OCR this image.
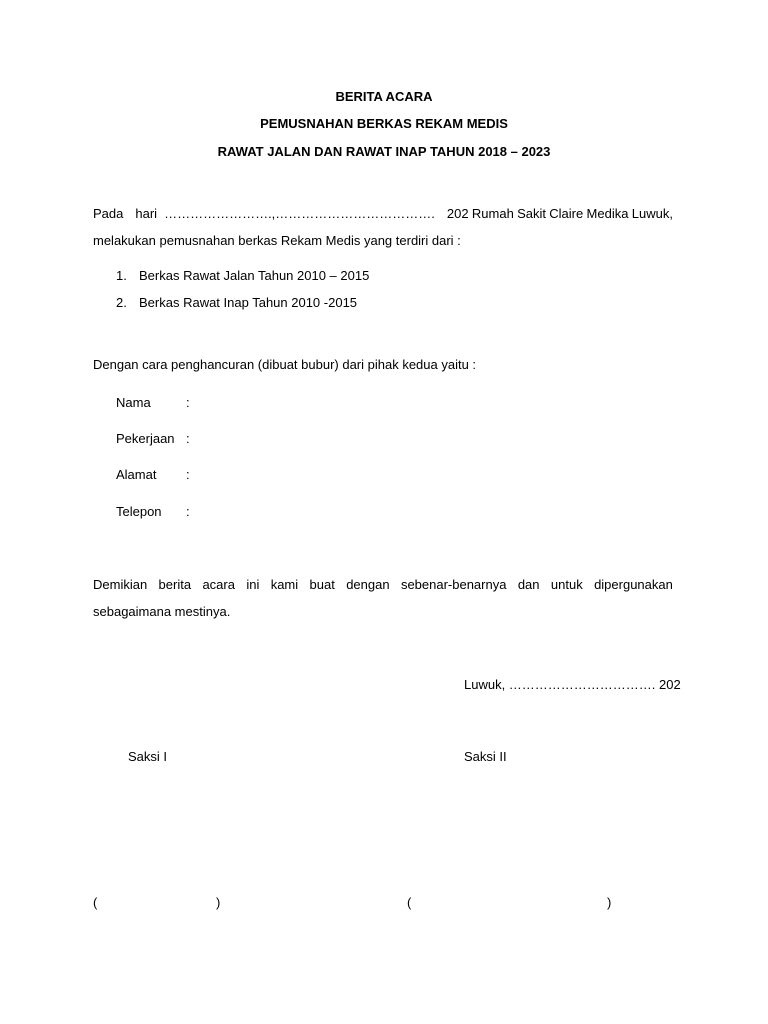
BERITA ACARA
PEMUSNAHAN BERKAS REKAM MEDIS
RAWAT JALAN DAN RAWAT INAP TAHUN 2018 – 2023
Pada hari …………………….,………………………………. 202 Rumah Sakit Claire Medika Luwuk,
melakukan pemusnahan berkas Rekam Medis yang terdiri dari :
1. Berkas Rawat Jalan Tahun 2010 – 2015
2. Berkas Rawat Inap Tahun 2010 -2015
Dengan cara penghancuran (dibuat bubur) dari pihak kedua yaitu :
Nama	:
Pekerjaan :
Alamat :
Telepon :
Demikian berita acara ini kami buat dengan sebenar-benarnya dan untuk dipergunakan
sebagaimana mestinya.
Luwuk, ……………………………. 202
Saksi I	Saksi II
(	)	(	)
